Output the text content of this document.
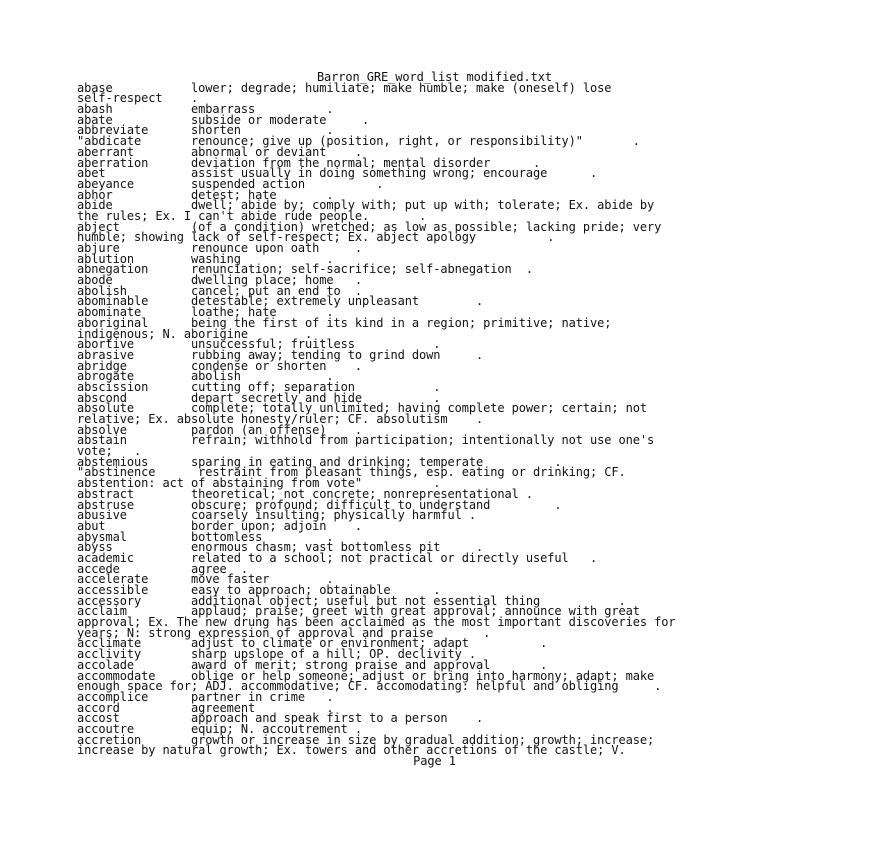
Barron_GRE_word_list modified.txt
abase           lower; degrade; humiliate; make humble; make (oneself) lose
self-respect    .
abash           embarrass          .
abate           subside or moderate     .
abbreviate      shorten            .
"abdicate       renounce; give up (position, right, or responsibility)"       .
aberrant        abnormal or deviant    .
aberration      deviation from the normal; mental disorder      .
abet            assist usually in doing something wrong; encourage      .
abeyance        suspended action          .
abhor           detest; hate       .
abide           dwell; abide by; comply with; put up with; tolerate; Ex. abide by
the rules; Ex. I can't abide rude people.       .
abject          (of a condition) wretched; as low as possible; lacking pride; very
humble; showing lack of self-respect; Ex. abject apology          .
abjure          renounce upon oath     .
ablution        washing            .
abnegation      renunciation; self-sacrifice; self-abnegation  .
abode           dwelling place; home   .
abolish         cancel; put an end to  .
abominable      detestable; extremely unpleasant        .
abominate       loathe; hate       .
aboriginal      being the first of its kind in a region; primitive; native;
indigenous; N. aborigine        .
abortive        unsuccessful; fruitless           .
abrasive        rubbing away; tending to grind down     .
abridge         condense or shorten    .
abrogate        abolish            .
abscission      cutting off; separation           .
abscond         depart secretly and hide          .
absolute        complete; totally unlimited; having complete power; certain; not
relative; Ex. absolute honesty/ruler; CF. absolutism    .
absolve         pardon (an offense)    .
abstain         refrain; withhold from participation; intentionally not use one's
vote;   .
abstemious      sparing in eating and drinking; temperate          .
"abstinence      restraint from pleasant things, esp. eating or drinking; CF.
abstention: act of abstaining from vote"          .
abstract        theoretical; not concrete; nonrepresentational .
abstruse        obscure; profound; difficult to understand         .
abusive         coarsely insulting; physically harmful .
abut            border upon; adjoin    .
abysmal         bottomless         .
abyss           enormous chasm; vast bottomless pit     .
academic        related to a school; not practical or directly useful   .
accede          agree  .
accelerate      move faster        .
accessible      easy to approach; obtainable      .
accessory       additional object; useful but not essential thing           .
acclaim         applaud; praise; greet with great approval; announce with great
approval; Ex. The new drung has been acclaimed as the most important discoveries for
years; N: strong expression of approval and praise       .
acclimate       adjust to climate or environment; adapt          .
acclivity       sharp upslope of a hill; OP. declivity .
accolade        award of merit; strong praise and approval       .
accommodate     oblige or help someone; adjust or bring into harmony; adapt; make
enough space for; ADJ. accommodative; CF. accomodating: helpful and obliging     .
accomplice      partner in crime   .
accord          agreement          .
accost          approach and speak first to a person    .
accoutre        equip; N. accoutrement .
accretion       growth or increase in size by gradual addition; growth; increase;
increase by natural growth; Ex. towers and other accretions of the castle; V.
Page 1
